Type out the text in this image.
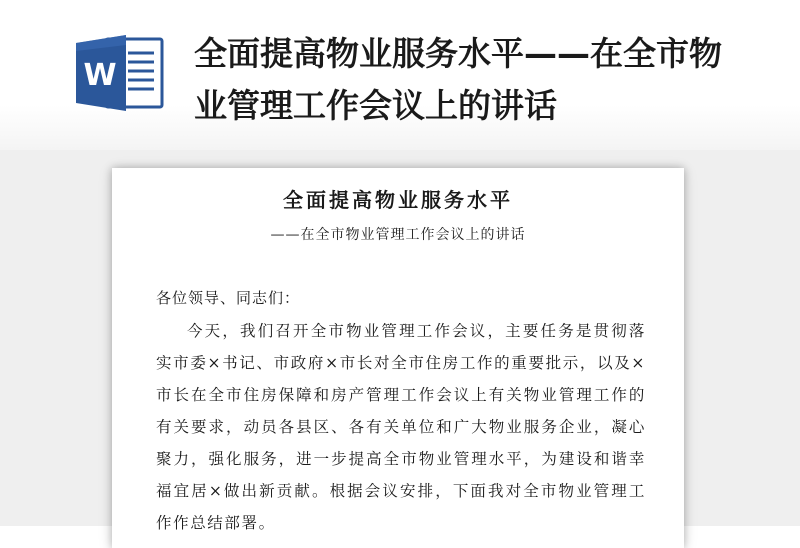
W
全面提高物业服务水平——在全市物业管理工作会议上的讲话
全面提高物业服务水平

——在全市物业管理工作会议上的讲话

各位领导、同志们：

今天，我们召开全市物业管理工作会议，主要任务是贯彻落实市委×书记、市政府×市长对全市住房工作的重要批示，以及×市长在全市住房保障和房产管理工作会议上有关物业管理工作的有关要求，动员各县区、各有关单位和广大物业服务企业，凝心聚力，强化服务，进一步提高全市物业管理水平，为建设和谐幸福宜居×做出新贡献。根据会议安排，下面我对全市物业管理工作作总结部署。
